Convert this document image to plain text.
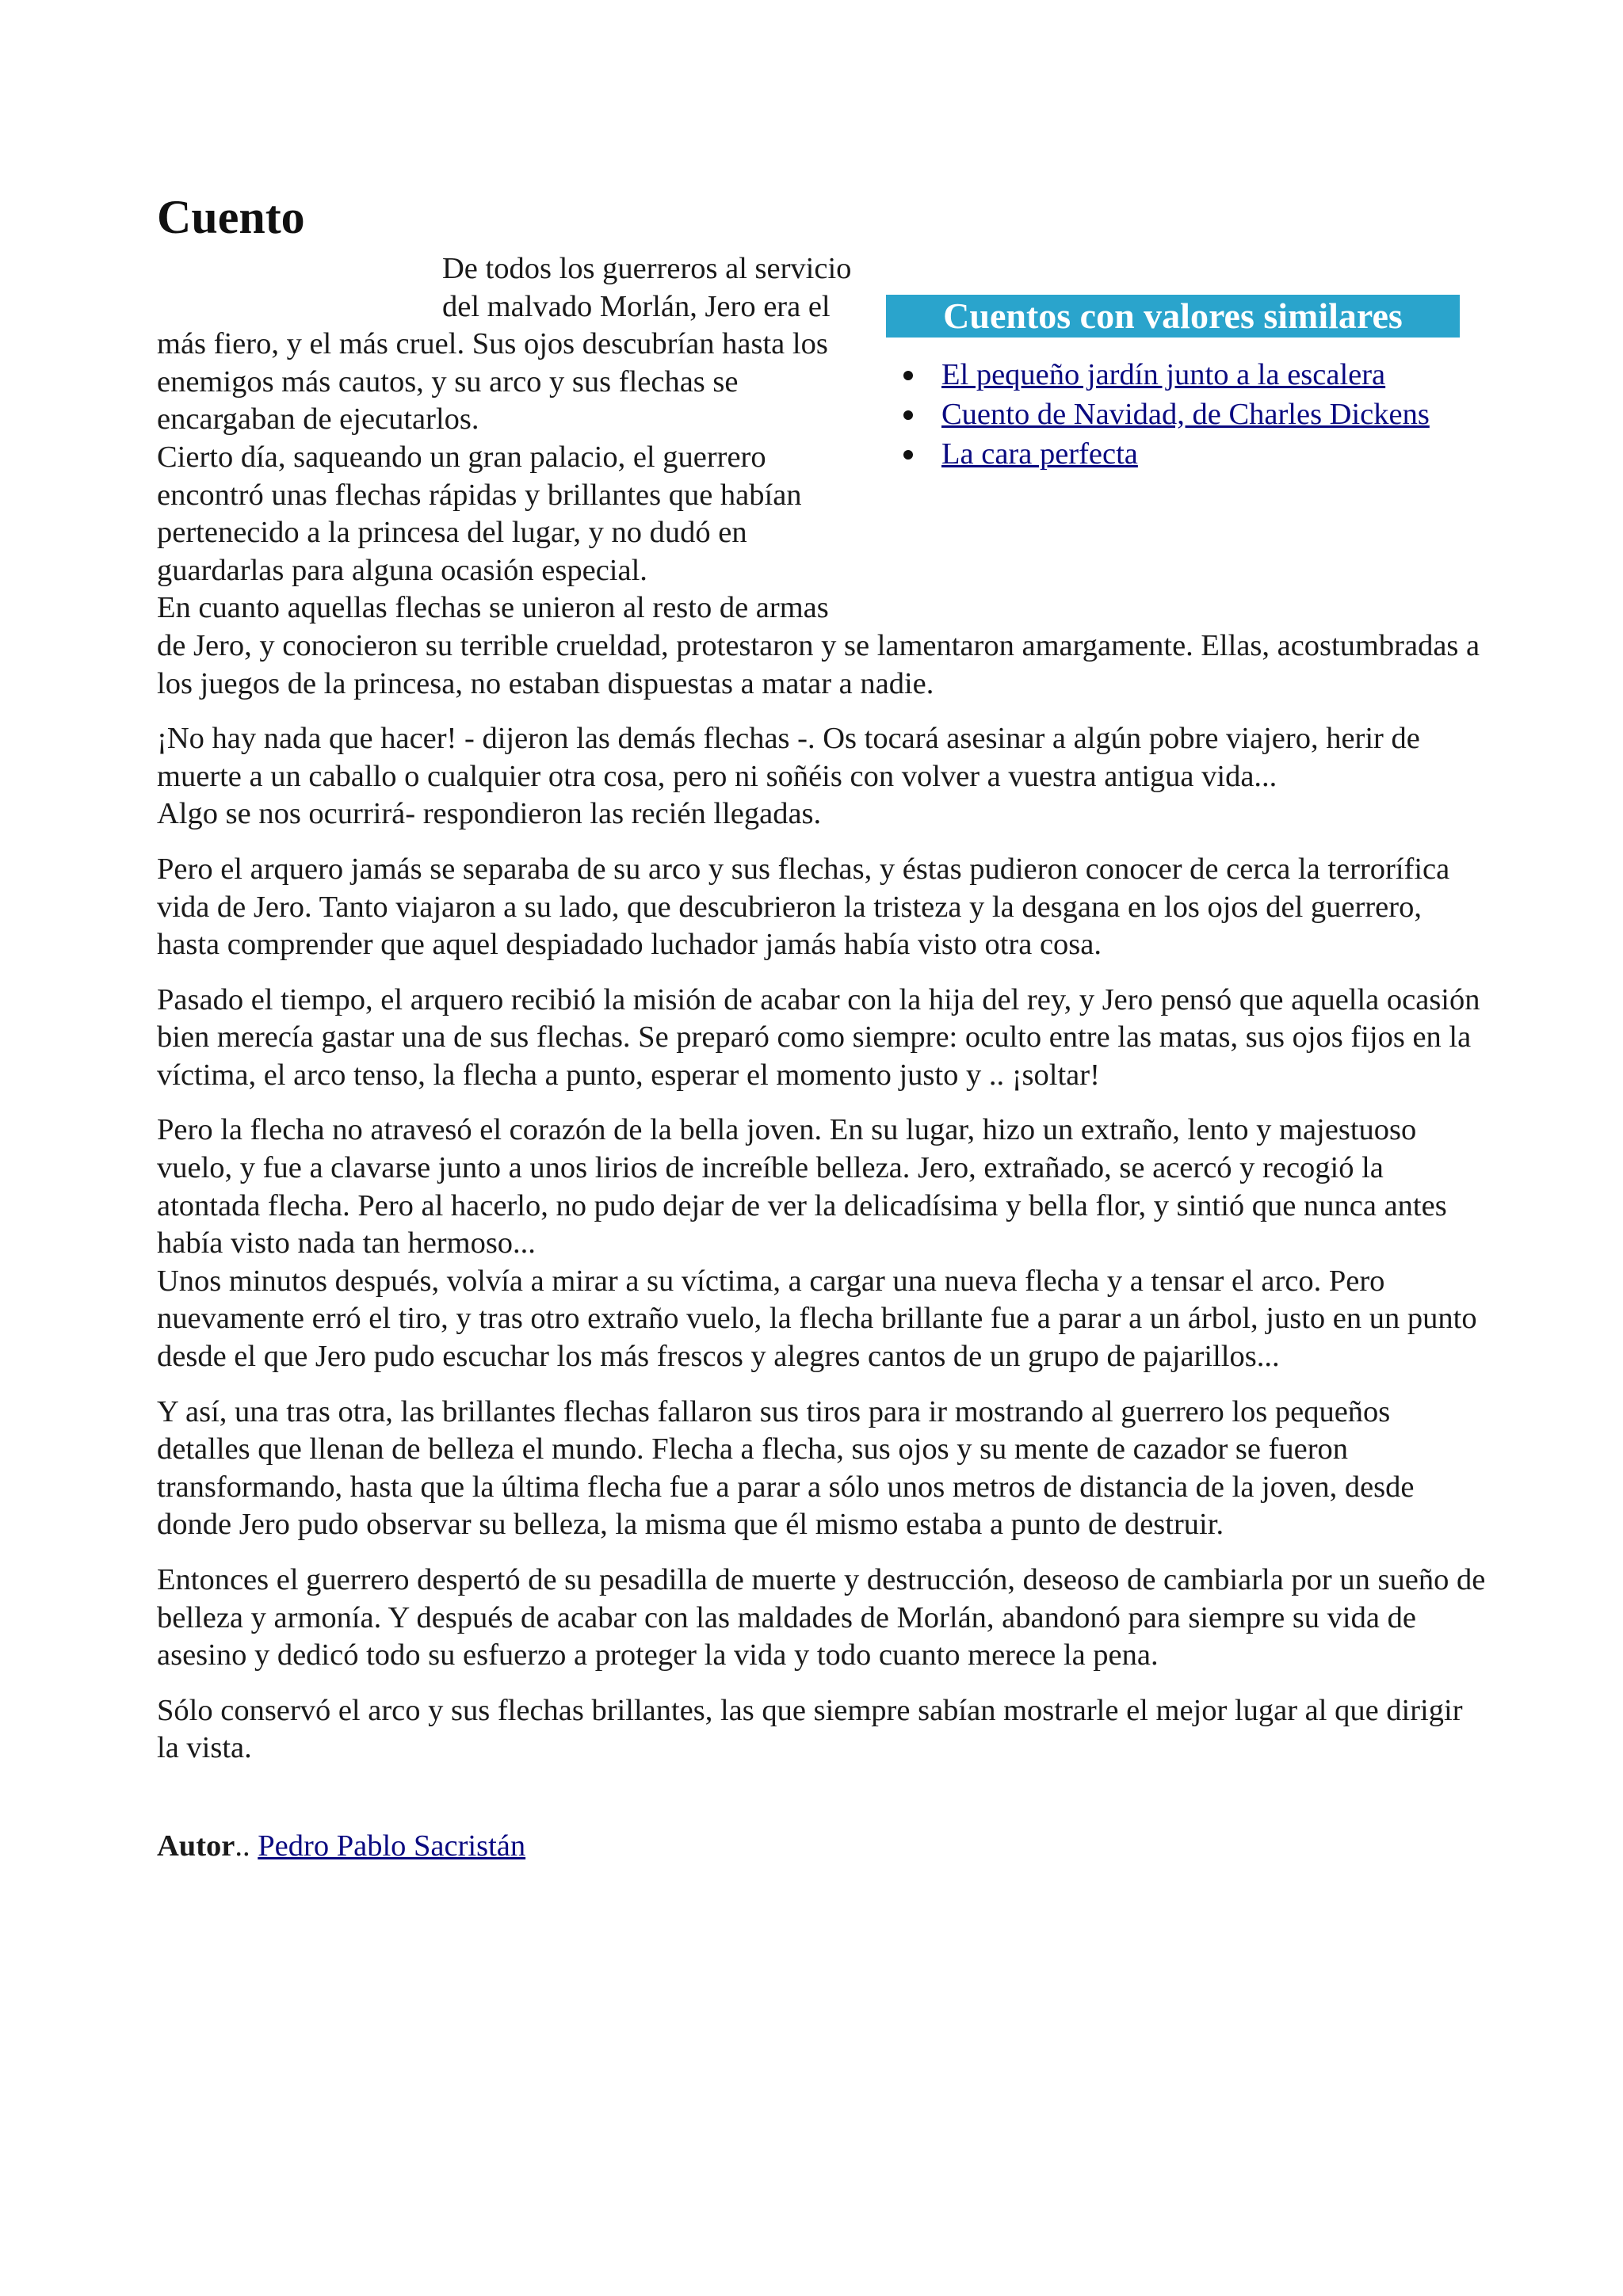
Cuento
Cuentos con valores similares
El pequeño jardín junto a la escalera
Cuento de Navidad, de Charles Dickens
La cara perfecta
De todos los guerreros al servicio del malvado Morlán, Jero era el más fiero, y el más cruel. Sus ojos descubrían hasta los enemigos más cautos, y su arco y sus flechas se encargaban de ejecutarlos.
Cierto día, saqueando un gran palacio, el guerrero encontró unas flechas rápidas y brillantes que habían pertenecido a la princesa del lugar, y no dudó en guardarlas para alguna ocasión especial.
En cuanto aquellas flechas se unieron al resto de armas de Jero, y conocieron su terrible crueldad, protestaron y se lamentaron amargamente. Ellas, acostumbradas a los juegos de la princesa, no estaban dispuestas a matar a nadie.

¡No hay nada que hacer! - dijeron las demás flechas -. Os tocará asesinar a algún pobre viajero, herir de muerte a un caballo o cualquier otra cosa, pero ni soñéis con volver a vuestra antigua vida...
Algo se nos ocurrirá- respondieron las recién llegadas.

Pero el arquero jamás se separaba de su arco y sus flechas, y éstas pudieron conocer de cerca la terrorífica vida de Jero. Tanto viajaron a su lado, que descubrieron la tristeza y la desgana en los ojos del guerrero, hasta comprender que aquel despiadado luchador jamás había visto otra cosa.

Pasado el tiempo, el arquero recibió la misión de acabar con la hija del rey, y Jero pensó que aquella ocasión bien merecía gastar una de sus flechas. Se preparó como siempre: oculto entre las matas, sus ojos fijos en la víctima, el arco tenso, la flecha a punto, esperar el momento justo y .. ¡soltar!

Pero la flecha no atravesó el corazón de la bella joven. En su lugar, hizo un extraño, lento y majestuoso vuelo, y fue a clavarse junto a unos lirios de increíble belleza. Jero, extrañado, se acercó y recogió la atontada flecha. Pero al hacerlo, no pudo dejar de ver la delicadísima y bella flor, y sintió que nunca antes había visto nada tan hermoso...
Unos minutos después, volvía a mirar a su víctima, a cargar una nueva flecha y a tensar el arco. Pero nuevamente erró el tiro, y tras otro extraño vuelo, la flecha brillante fue a parar a un árbol, justo en un punto desde el que Jero pudo escuchar los más frescos y alegres cantos de un grupo de pajarillos...

Y así, una tras otra, las brillantes flechas fallaron sus tiros para ir mostrando al guerrero los pequeños detalles que llenan de belleza el mundo. Flecha a flecha, sus ojos y su mente de cazador se fueron transformando, hasta que la última flecha fue a parar a sólo unos metros de distancia de la joven, desde donde Jero pudo observar su belleza, la misma que él mismo estaba a punto de destruir.

Entonces el guerrero despertó de su pesadilla de muerte y destrucción, deseoso de cambiarla por un sueño de belleza y armonía. Y después de acabar con las maldades de Morlán, abandonó para siempre su vida de asesino y dedicó todo su esfuerzo a proteger la vida y todo cuanto merece la pena.

Sólo conservó el arco y sus flechas brillantes, las que siempre sabían mostrarle el mejor lugar al que dirigir la vista.

Autor.. Pedro Pablo Sacristán
